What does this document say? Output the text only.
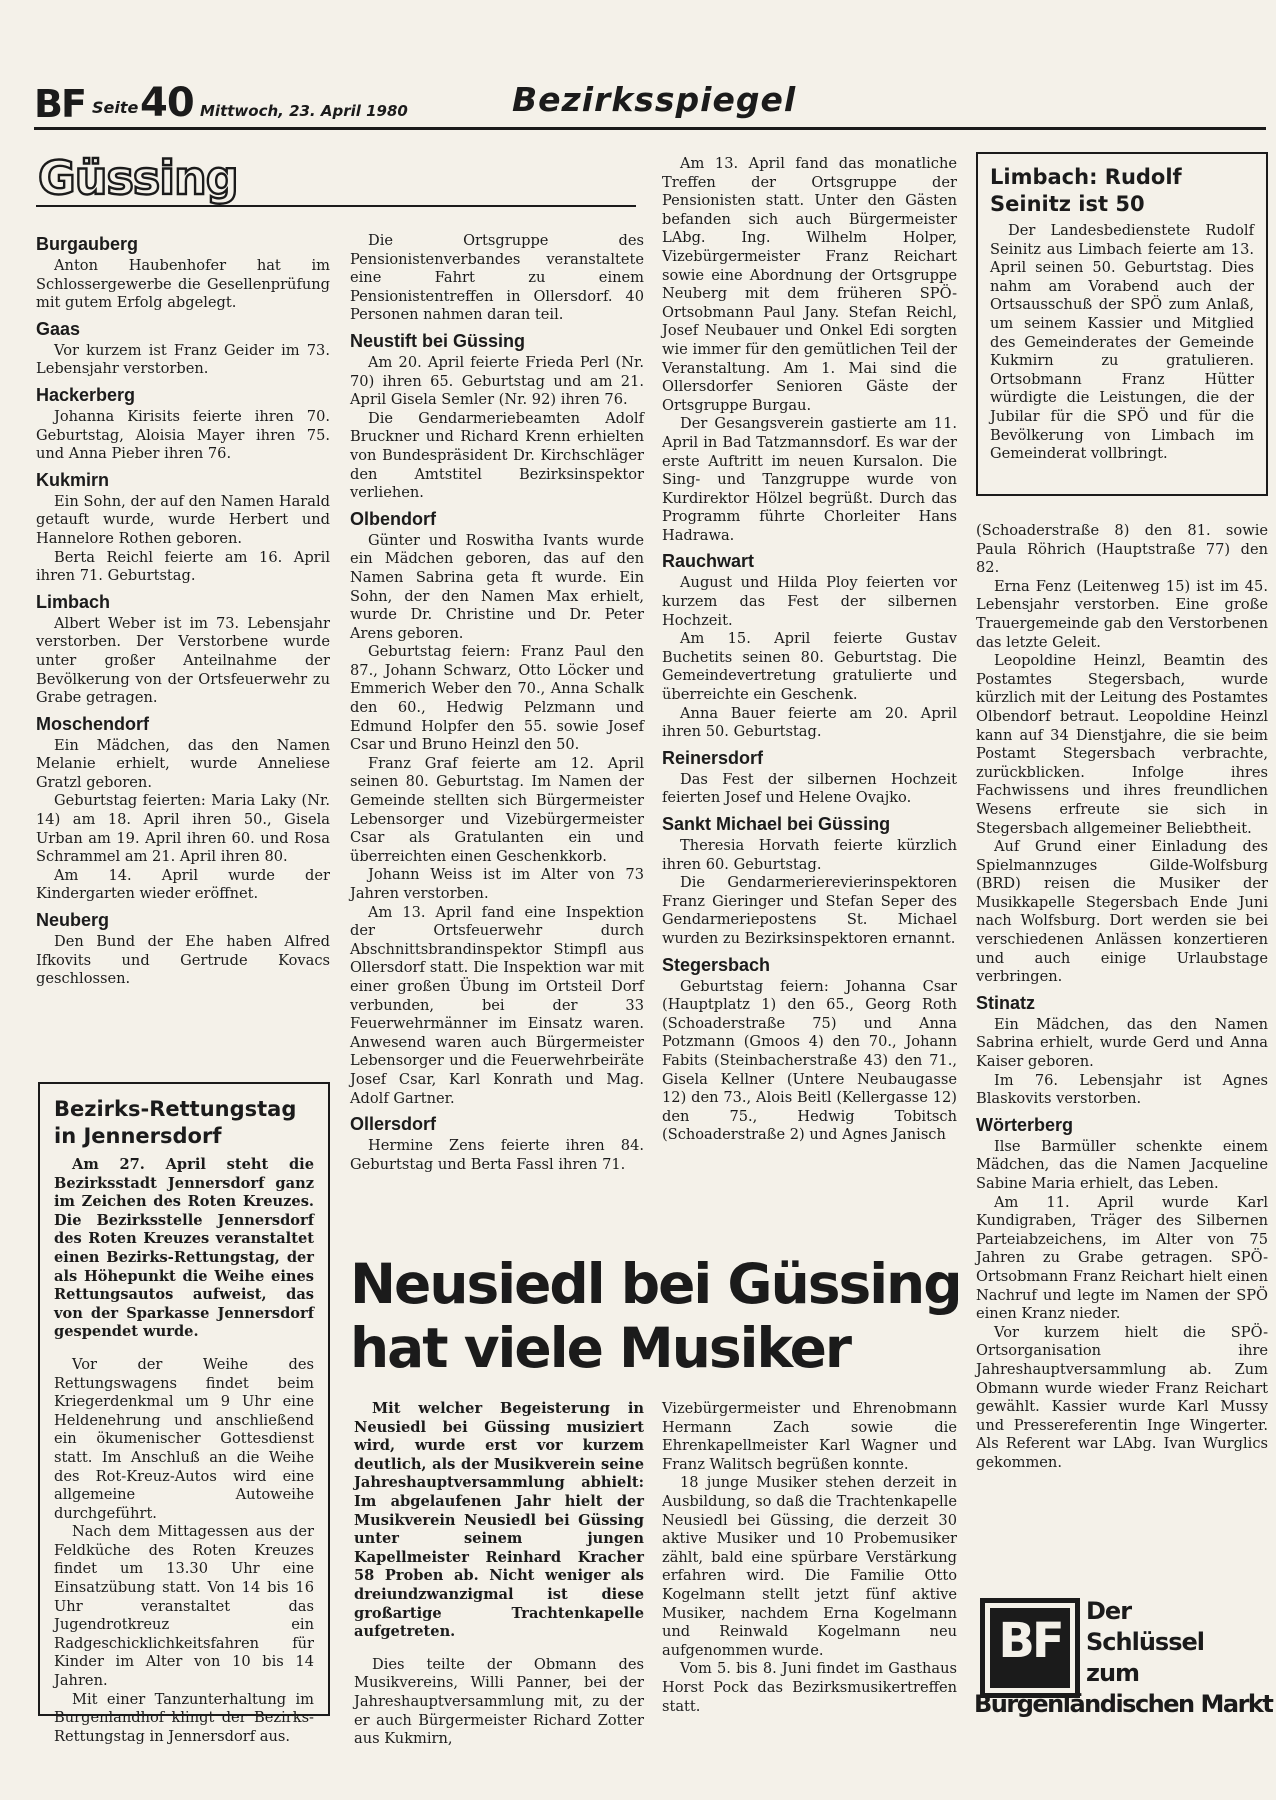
BF Seite 40 Mittwoch, 23. April 1980	Bezirksspiegel
Güssing
Burgauberg

Anton Haubenhofer hat im Schlossergewerbe die Gesellenprüfung mit gutem Erfolg abgelegt.

Gaas

Vor kurzem ist Franz Geider im 73. Lebensjahr verstorben.

Hackerberg

Johanna Kirisits feierte ihren 70. Geburtstag, Aloisia Mayer ihren 75. und Anna Pieber ihren 76.

Kukmirn

Ein Sohn, der auf den Namen Harald getauft wurde, wurde Herbert und Hannelore Rothen geboren.

Berta Reichl feierte am 16. April ihren 71. Geburtstag.

Limbach

Albert Weber ist im 73. Lebensjahr verstorben. Der Verstorbene wurde unter großer Anteilnahme der Bevölkerung von der Ortsfeuerwehr zu Grabe getragen.

Moschendorf

Ein Mädchen, das den Namen Melanie erhielt, wurde Anneliese Gratzl geboren.

Geburtstag feierten: Maria Laky (Nr. 14) am 18. April ihren 50., Gisela Urban am 19. April ihren 60. und Rosa Schrammel am 21. April ihren 80.

Am 14. April wurde der Kindergarten wieder eröffnet.

Neuberg

Den Bund der Ehe haben Alfred Ifkovits und Gertrude Kovacs geschlossen.

Bezirks-Rettungstag in Jennersdorf

Am 27. April steht die Bezirksstadt Jennersdorf ganz im Zeichen des Roten Kreuzes. Die Bezirksstelle Jennersdorf des Roten Kreuzes veranstaltet einen Bezirks-Rettungstag, der als Höhepunkt die Weihe eines Rettungsautos aufweist, das von der Sparkasse Jennersdorf gespendet wurde.

Vor der Weihe des Rettungswagens findet beim Kriegerdenkmal um 9 Uhr eine Heldenehrung und anschließend ein ökumenischer Gottesdienst statt. Im Anschluß an die Weihe des Rot-Kreuz-Autos wird eine allgemeine Autoweihe durchgeführt.

Nach dem Mittagessen aus der Feldküche des Roten Kreuzes findet um 13.30 Uhr eine Einsatzübung statt. Von 14 bis 16 Uhr veranstaltet das Jugendrotkreuz ein Radgeschicklichkeitsfahren für Kinder im Alter von 10 bis 14 Jahren.

Mit einer Tanzunterhaltung im Burgenlandhof klingt der Bezirks-Rettungstag in Jennersdorf aus.

Die Ortsgruppe des Pensionistenverbandes veranstaltete eine Fahrt zu einem Pensionistentreffen in Ollersdorf. 40 Personen nahmen daran teil.

Neustift bei Güssing

Am 20. April feierte Frieda Perl (Nr. 70) ihren 65. Geburtstag und am 21. April Gisela Semler (Nr. 92) ihren 76.

Die Gendarmeriebeamten Adolf Bruckner und Richard Krenn erhielten von Bundespräsident Dr. Kirchschläger den Amtstitel Bezirksinspektor verliehen.

Olbendorf

Günter und Roswitha Ivants wurde ein Mädchen geboren, das auf den Namen Sabrina geta ft wurde. Ein Sohn, der den Namen Max erhielt, wurde Dr. Christine und Dr. Peter Arens geboren.

Geburtstag feiern: Franz Paul den 87., Johann Schwarz, Otto Löcker und Emmerich Weber den 70., Anna Schalk den 60., Hedwig Pelzmann und Edmund Holpfer den 55. sowie Josef Csar und Bruno Heinzl den 50.

Franz Graf feierte am 12. April seinen 80. Geburtstag. Im Namen der Gemeinde stellten sich Bürgermeister Lebensorger und Vizebürgermeister Csar als Gratulanten ein und überreichten einen Geschenkkorb.

Johann Weiss ist im Alter von 73 Jahren verstorben.

Am 13. April fand eine Inspektion der Ortsfeuerwehr durch Abschnittsbrandinspektor Stimpfl aus Ollersdorf statt. Die Inspektion war mit einer großen Übung im Ortsteil Dorf verbunden, bei der 33 Feuerwehrmänner im Einsatz waren. Anwesend waren auch Bürgermeister Lebensorger und die Feuerwehrbeiräte Josef Csar, Karl Konrath und Mag. Adolf Gartner.

Ollersdorf

Hermine Zens feierte ihren 84. Geburtstag und Berta Fassl ihren 71.

Am 13. April fand das monatliche Treffen der Ortsgruppe der Pensionisten statt. Unter den Gästen befanden sich auch Bürgermeister LAbg. Ing. Wilhelm Holper, Vizebürgermeister Franz Reichart sowie eine Abordnung der Ortsgruppe Neuberg mit dem früheren SPÖ-Ortsobmann Paul Jany. Stefan Reichl, Josef Neubauer und Onkel Edi sorgten wie immer für den gemütlichen Teil der Veranstaltung. Am 1. Mai sind die Ollersdorfer Senioren Gäste der Ortsgruppe Burgau.

Der Gesangsverein gastierte am 11. April in Bad Tatzmannsdorf. Es war der erste Auftritt im neuen Kursalon. Die Sing- und Tanzgruppe wurde von Kurdirektor Hölzel begrüßt. Durch das Programm führte Chorleiter Hans Hadrawa.

Rauchwart

August und Hilda Ploy feierten vor kurzem das Fest der silbernen Hochzeit.

Am 15. April feierte Gustav Buchetits seinen 80. Geburtstag. Die Gemeindevertretung gratulierte und überreichte ein Geschenk.

Anna Bauer feierte am 20. April ihren 50. Geburtstag.

Reinersdorf

Das Fest der silbernen Hochzeit feierten Josef und Helene Ovajko.

Sankt Michael bei Güssing

Theresia Horvath feierte kürzlich ihren 60. Geburtstag.

Die Gendarmerierevierinspektoren Franz Gieringer und Stefan Seper des Gendarmeriepostens St. Michael wurden zu Bezirksinspektoren ernannt.

Stegersbach

Geburtstag feiern: Johanna Csar (Hauptplatz 1) den 65., Georg Roth (Schoaderstraße 75) und Anna Potzmann (Gmoos 4) den 70., Johann Fabits (Steinbacherstraße 43) den 71., Gisela Kellner (Untere Neubaugasse 12) den 73., Alois Beitl (Kellergasse 12) den 75., Hedwig Tobitsch (Schoaderstraße 2) und Agnes Janisch

Limbach: Rudolf Seinitz ist 50

Der Landesbedienstete Rudolf Seinitz aus Limbach feierte am 13. April seinen 50. Geburtstag. Dies nahm am Vorabend auch der Ortsausschuß der SPÖ zum Anlaß, um seinem Kassier und Mitglied des Gemeinderates der Gemeinde Kukmirn zu gratulieren. Ortsobmann Franz Hütter würdigte die Leistungen, die der Jubilar für die SPÖ und für die Bevölkerung von Limbach im Gemeinderat vollbringt.

(Schoaderstraße 8) den 81. sowie Paula Röhrich (Hauptstraße 77) den 82.

Erna Fenz (Leitenweg 15) ist im 45. Lebensjahr verstorben. Eine große Trauergemeinde gab den Verstorbenen das letzte Geleit.

Leopoldine Heinzl, Beamtin des Postamtes Stegersbach, wurde kürzlich mit der Leitung des Postamtes Olbendorf betraut. Leopoldine Heinzl kann auf 34 Dienstjahre, die sie beim Postamt Stegersbach verbrachte, zurückblicken. Infolge ihres Fachwissens und ihres freundlichen Wesens erfreute sie sich in Stegersbach allgemeiner Beliebtheit.

Auf Grund einer Einladung des Spielmannzuges Gilde-Wolfsburg (BRD) reisen die Musiker der Musikkapelle Stegersbach Ende Juni nach Wolfsburg. Dort werden sie bei verschiedenen Anlässen konzertieren und auch einige Urlaubstage verbringen.

Stinatz

Ein Mädchen, das den Namen Sabrina erhielt, wurde Gerd und Anna Kaiser geboren.

Im 76. Lebensjahr ist Agnes Blaskovits verstorben.

Wörterberg

Ilse Barmüller schenkte einem Mädchen, das die Namen Jacqueline Sabine Maria erhielt, das Leben.

Am 11. April wurde Karl Kundigraben, Träger des Silbernen Parteiabzeichens, im Alter von 75 Jahren zu Grabe getragen. SPÖ-Ortsobmann Franz Reichart hielt einen Nachruf und legte im Namen der SPÖ einen Kranz nieder.

Vor kurzem hielt die SPÖ-Ortsorganisation ihre Jahreshauptversammlung ab. Zum Obmann wurde wieder Franz Reichart gewählt. Kassier wurde Karl Mussy und Pressereferentin Inge Wingerter. Als Referent war LAbg. Ivan Wurglics gekommen.

Neusiedl bei Güssing
hat viele Musiker

Mit welcher Begeisterung in Neusiedl bei Güssing musiziert wird, wurde erst vor kurzem deutlich, als der Musikverein seine Jahreshauptversammlung abhielt: Im abgelaufenen Jahr hielt der Musikverein Neusiedl bei Güssing unter seinem jungen Kapellmeister Reinhard Kracher 58 Proben ab. Nicht weniger als dreiundzwanzigmal ist diese großartige Trachtenkapelle aufgetreten.

Dies teilte der Obmann des Musikvereins, Willi Panner, bei der Jahreshauptversammlung mit, zu der er auch Bürgermeister Richard Zotter aus Kukmirn,

Vizebürgermeister und Ehrenobmann Hermann Zach sowie die Ehrenkapellmeister Karl Wagner und Franz Walitsch begrüßen konnte.

18 junge Musiker stehen derzeit in Ausbildung, so daß die Trachtenkapelle Neusiedl bei Güssing, die derzeit 30 aktive Musiker und 10 Probemusiker zählt, bald eine spürbare Verstärkung erfahren wird. Die Familie Otto Kogelmann stellt jetzt fünf aktive Musiker, nachdem Erna Kogelmann und Reinwald Kogelmann neu aufgenommen wurde.

Vom 5. bis 8. Juni findet im Gasthaus Horst Pock das Bezirksmusikertreffen statt.

BF
Der
Schlüssel
zum
Burgenländischen Markt
